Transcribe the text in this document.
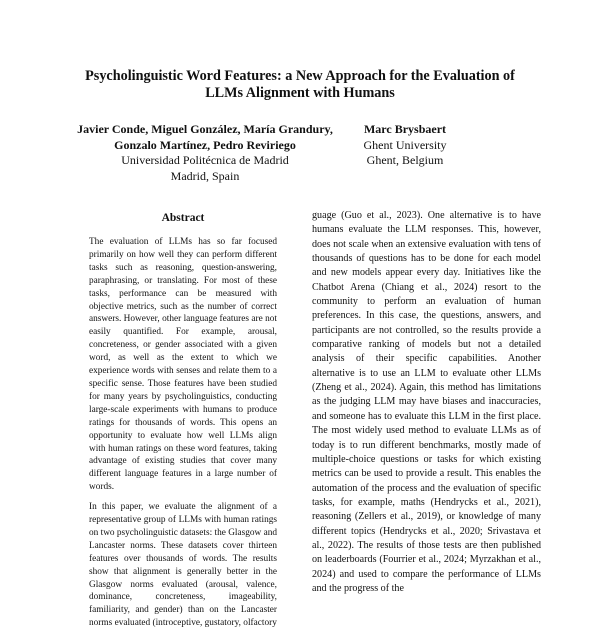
Psycholinguistic Word Features: a New Approach for the Evaluation of
LLMs Alignment with Humans
Javier Conde, Miguel González, María Grandury,
Gonzalo Martínez, Pedro Reviriego
Universidad Politécnica de Madrid
Madrid, Spain
Marc Brysbaert
Ghent University
Ghent, Belgium
Abstract

The evaluation of LLMs has so far focused primarily on how well they can perform different tasks such as reasoning, question-answering, paraphrasing, or translating. For most of these tasks, performance can be measured with objective metrics, such as the number of correct answers. However, other language features are not easily quantified. For example, arousal, concreteness, or gender associated with a given word, as well as the extent to which we experience words with senses and relate them to a specific sense. Those features have been studied for many years by psycholinguistics, conducting large-scale experiments with humans to produce ratings for thousands of words. This opens an opportunity to evaluate how well LLMs align with human ratings on these word features, taking advantage of existing studies that cover many different language features in a large number of words.

In this paper, we evaluate the alignment of a representative group of LLMs with human ratings on two psycholinguistic datasets: the Glasgow and Lancaster norms. These datasets cover thirteen features over thousands of words. The results show that alignment is generally better in the Glasgow norms evaluated (arousal, valence, dominance, concreteness, imageability, familiarity, and gender) than on the Lancaster norms evaluated (introceptive, gustatory, olfactory

guage (Guo et al., 2023). One alternative is to have humans evaluate the LLM responses. This, however, does not scale when an extensive evaluation with tens of thousands of questions has to be done for each model and new models appear every day. Initiatives like the Chatbot Arena (Chiang et al., 2024) resort to the community to perform an evaluation of human preferences. In this case, the questions, answers, and participants are not controlled, so the results provide a comparative ranking of models but not a detailed analysis of their specific capabilities. Another alternative is to use an LLM to evaluate other LLMs (Zheng et al., 2024). Again, this method has limitations as the judging LLM may have biases and inaccuracies, and someone has to evaluate this LLM in the first place. The most widely used method to evaluate LLMs as of today is to run different benchmarks, mostly made of multiple-choice questions or tasks for which existing metrics can be used to provide a result. This enables the automation of the process and the evaluation of specific tasks, for example, maths (Hendrycks et al., 2021), reasoning (Zellers et al., 2019), or knowledge of many different topics (Hendrycks et al., 2020; Srivastava et al., 2022). The results of those tests are then published on leaderboards (Fourrier et al., 2024; Myrzakhan et al., 2024) and used to compare the performance of LLMs and the progress of the
